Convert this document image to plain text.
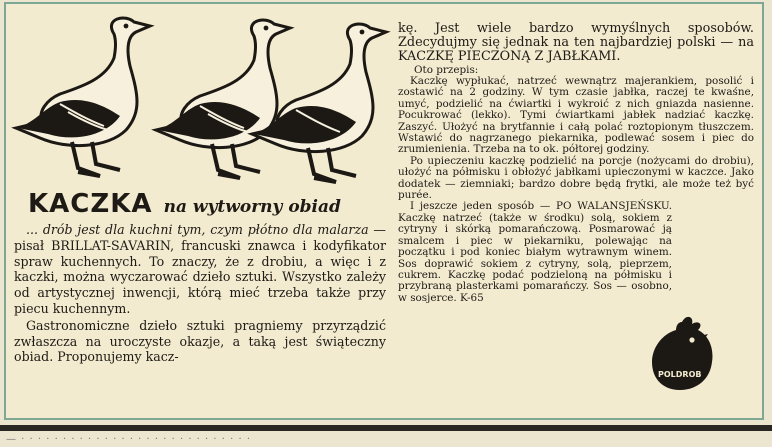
KACZKA na wytworny obiad

... drób jest dla kuchni tym, czym płótno dla malarza — pisał BRILLAT-SAVARIN, francuski znawca i kodyfikator spraw kuchennych. To znaczy, że z drobiu, a więc i z kaczki, można wyczarować dzieło sztuki. Wszystko zależy od artystycznej inwencji, którą mieć trzeba także przy piecu kuchennym.

Gastronomiczne dzieło sztuki pragniemy przyrządzić zwłaszcza na uroczyste okazje, a taką jest świąteczny obiad. Proponujemy kacz-

kę. Jest wiele bardzo wymyślnych sposobów. Zdecydujmy się jednak na ten najbardziej polski — na KACZKĘ PIECZONĄ Z JABŁKAMI.

Oto przepis:

Kaczkę wypłukać, natrzeć wewnątrz majerankiem, posolić i zostawić na 2 godziny. W tym czasie jabłka, raczej te kwaśne, umyć, podzielić na ćwiartki i wykroić z nich gniazda nasienne. Pocukrować (lekko). Tymi ćwiartkami jabłek nadziać kaczkę. Zaszyć. Ułożyć na brytfannie i całą polać roztopionym tłuszczem. Wstawić do nagrzanego piekarnika, podlewać sosem i piec do zrumienienia. Trzeba na to ok. półtorej godziny.

Po upieczeniu kaczkę podzielić na porcje (nożycami do drobiu), ułożyć na półmisku i obłożyć jabłkami upieczonymi w kaczce. Jako dodatek — ziemniaki; bardzo dobre będą frytki, ale może też być purée.

I jeszcze jeden sposób — PO WALANSJEŃSKU. Kaczkę natrzeć (także w środku) solą, sokiem z cytryny i skórką pomarańczową. Posmarować ją smalcem i piec w piekarniku, polewając na początku i pod koniec białym wytrawnym winem. Sos doprawić sokiem z cytryny, solą, pieprzem, cukrem. Kaczkę podać podzieloną na półmisku i przybraną plasterkami pomarańczy. Sos — osobno, w sosjerce. K-65

POLDROB
— · · · · · · · · · · · · · · · · · · · · · · · · · · · ·
